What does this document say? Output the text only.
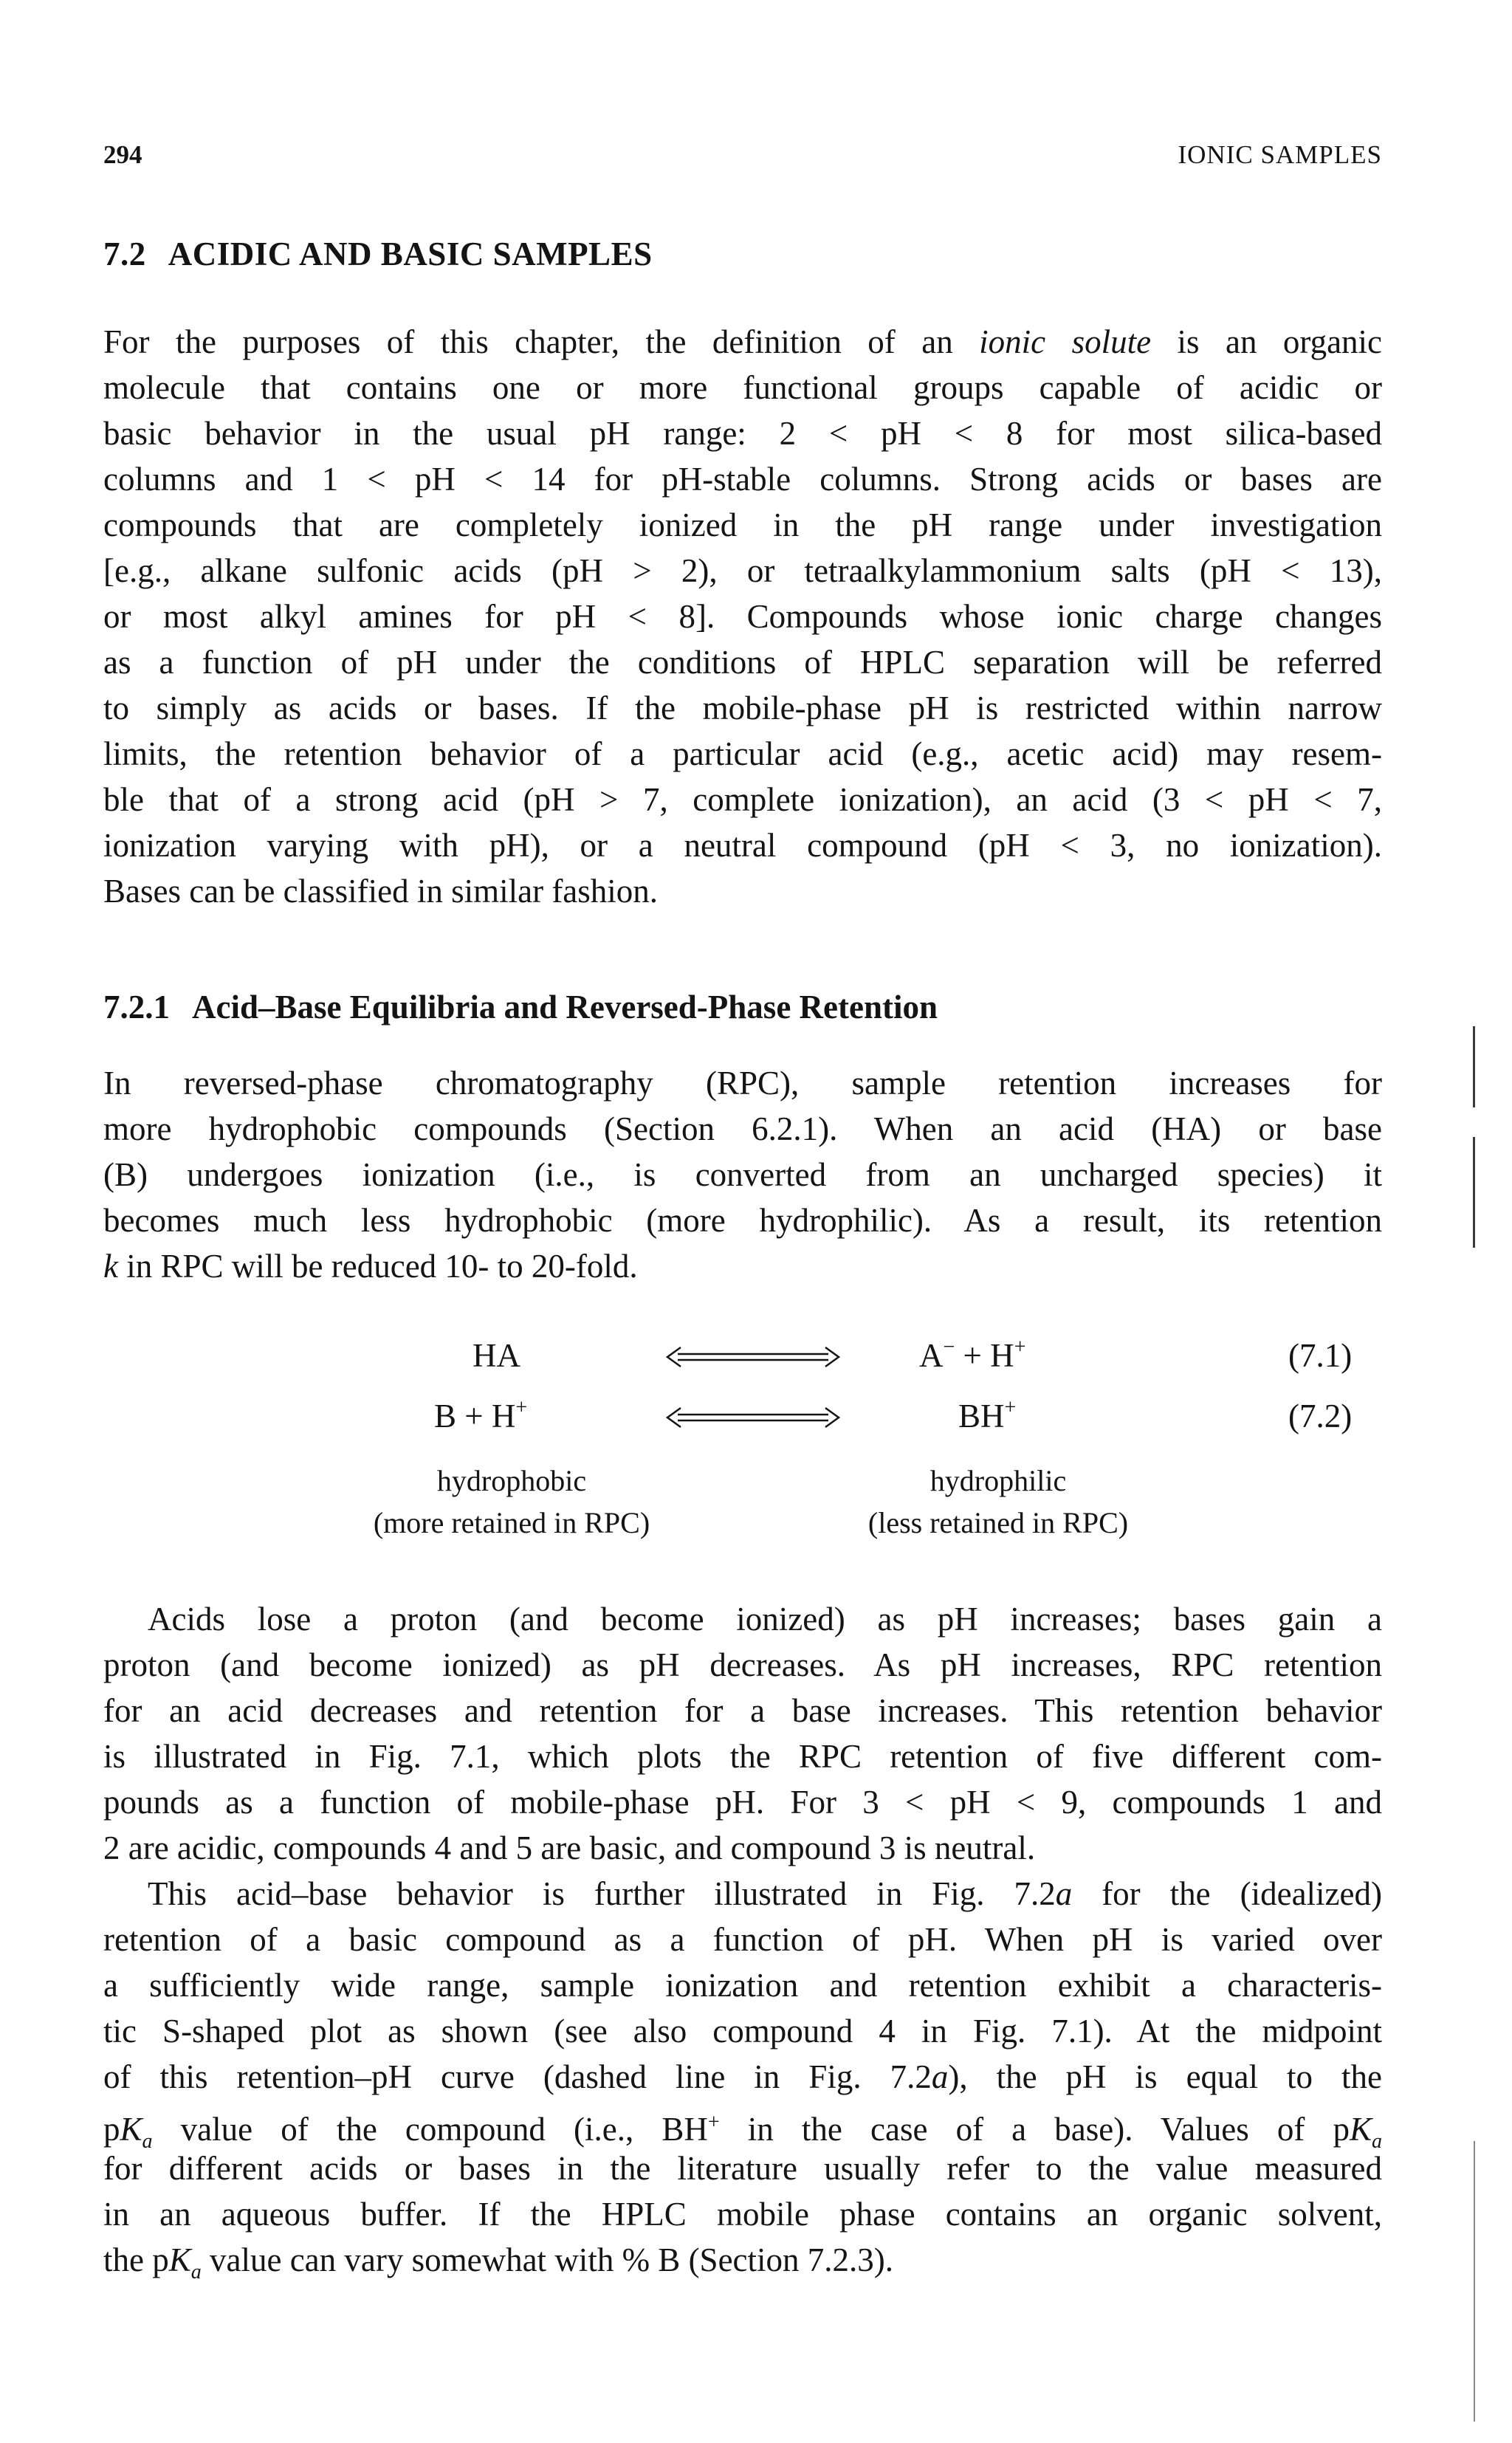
294	IONIC SAMPLES
7.2 ACIDIC AND BASIC SAMPLES
For the purposes of this chapter, the definition of an ionic solute is an organic
molecule that contains one or more functional groups capable of acidic or
basic behavior in the usual pH range: 2 < pH < 8 for most silica-based
columns and 1 < pH < 14 for pH-stable columns. Strong acids or bases are
compounds that are completely ionized in the pH range under investigation
[e.g., alkane sulfonic acids (pH > 2), or tetraalkylammonium salts (pH < 13),
or most alkyl amines for pH < 8]. Compounds whose ionic charge changes
as a function of pH under the conditions of HPLC separation will be referred
to simply as acids or bases. If the mobile-phase pH is restricted within narrow
limits, the retention behavior of a particular acid (e.g., acetic acid) may resem-
ble that of a strong acid (pH > 7, complete ionization), an acid (3 < pH < 7,
ionization varying with pH), or a neutral compound (pH < 3, no ionization).
Bases can be classified in similar fashion.
7.2.1 Acid–Base Equilibria and Reversed-Phase Retention
In reversed-phase chromatography (RPC), sample retention increases for
more hydrophobic compounds (Section 6.2.1). When an acid (HA) or base
(B) undergoes ionization (i.e., is converted from an uncharged species) it
becomes much less hydrophobic (more hydrophilic). As a result, its retention
k in RPC will be reduced 10- to 20-fold.
HA	A− + H+	(7.1)
B + H+	BH+	(7.2)
hydrophobic
(more retained in RPC)
hydrophilic
(less retained in RPC)
Acids lose a proton (and become ionized) as pH increases; bases gain a
proton (and become ionized) as pH decreases. As pH increases, RPC retention
for an acid decreases and retention for a base increases. This retention behavior
is illustrated in Fig. 7.1, which plots the RPC retention of five different com-
pounds as a function of mobile-phase pH. For 3 < pH < 9, compounds 1 and
2 are acidic, compounds 4 and 5 are basic, and compound 3 is neutral.
This acid–base behavior is further illustrated in Fig. 7.2a for the (idealized)
retention of a basic compound as a function of pH. When pH is varied over
a sufficiently wide range, sample ionization and retention exhibit a characteris-
tic S-shaped plot as shown (see also compound 4 in Fig. 7.1). At the midpoint
of this retention–pH curve (dashed line in Fig. 7.2a), the pH is equal to the
$pK_a$ value of the compound (i.e., BH+ in the case of a base). Values of $pK_a$
for different acids or bases in the literature usually refer to the value measured
in an aqueous buffer. If the HPLC mobile phase contains an organic solvent,
the $pK_a$ value can vary somewhat with % B (Section 7.2.3).
